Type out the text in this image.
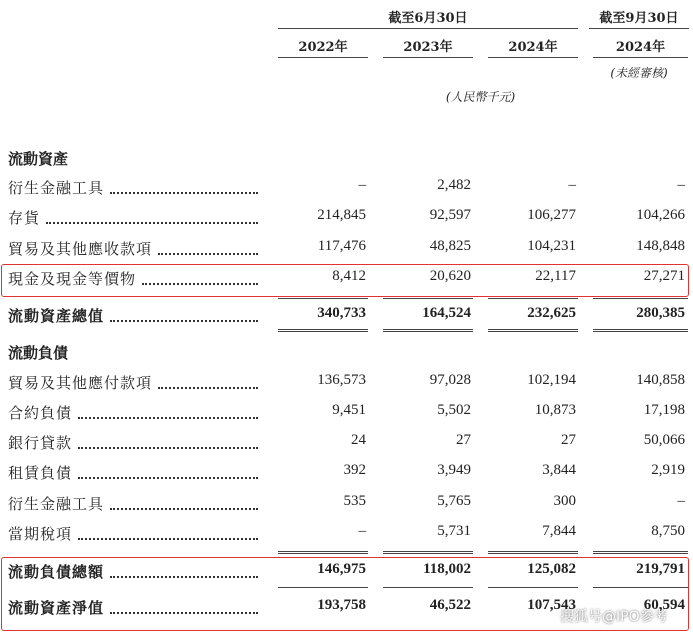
截至6月30日	截至9月30日
2022年	2023年	2024年	2024年
(未經審核)
(人民幣千元)
流動資產
衍生金融工具	–	2,482	–	–
存貨	214,845	92,597	106,277	104,266
貿易及其他應收款項	117,476	48,825	104,231	148,848
現金及現金等價物	8,412	20,620	22,117	27,271
流動資產總值	340,733	164,524	232,625	280,385
流動負債
貿易及其他應付款項	136,573	97,028	102,194	140,858
合約負債	9,451	5,502	10,873	17,198
銀行貸款	24	27	27	50,066
租賃負債	392	3,949	3,844	2,919
衍生金融工具	535	5,765	300	–
當期稅項	–	5,731	7,844	8,750
流動負債總額	146,975	118,002	125,082	219,791
流動資產淨值	193,758	46,522	107,543	60,594
搜狐号@IPO参考
